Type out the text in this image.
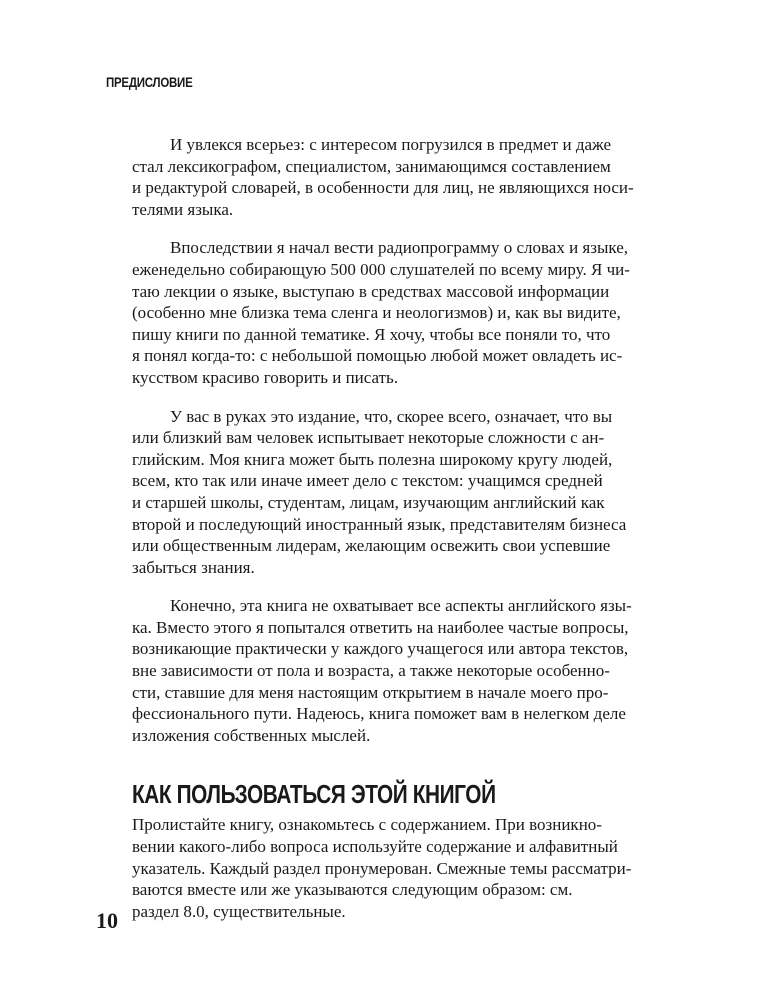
ПРЕДИСЛОВИЕ

И увлекся всерьез: с интересом погрузился в предмет и даже
стал лексикографом, специалистом, занимающимся составлением
и редактурой словарей, в особенности для лиц, не являющихся носи-
телями языка.

Впоследствии я начал вести радиопрограмму о словах и языке,
еженедельно собирающую 500 000 слушателей по всему миру. Я чи-
таю лекции о языке, выступаю в средствах массовой информации
(особенно мне близка тема сленга и неологизмов) и, как вы видите,
пишу книги по данной тематике. Я хочу, чтобы все поняли то, что
я понял когда-то: с небольшой помощью любой может овладеть ис-
кусством красиво говорить и писать.

У вас в руках это издание, что, скорее всего, означает, что вы
или близкий вам человек испытывает некоторые сложности с ан-
глийским. Моя книга может быть полезна широкому кругу людей,
всем, кто так или иначе имеет дело с текстом: учащимся средней
и старшей школы, студентам, лицам, изучающим английский как
второй и последующий иностранный язык, представителям бизнеса
или общественным лидерам, желающим освежить свои успевшие
забыться знания.

Конечно, эта книга не охватывает все аспекты английского язы-
ка. Вместо этого я попытался ответить на наиболее частые вопросы,
возникающие практически у каждого учащегося или автора текстов,
вне зависимости от пола и возраста, а также некоторые особенно-
сти, ставшие для меня настоящим открытием в начале моего про-
фессионального пути. Надеюсь, книга поможет вам в нелегком деле
изложения собственных мыслей.

КАК ПОЛЬЗОВАТЬСЯ ЭТОЙ КНИГОЙ

Пролистайте книгу, ознакомьтесь с содержанием. При возникно-
вении какого-либо вопроса используйте содержание и алфавитный
указатель. Каждый раздел пронумерован. Смежные темы рассматри-
ваются вместе или же указываются следующим образом: см.
раздел 8.0, существительные.

10
